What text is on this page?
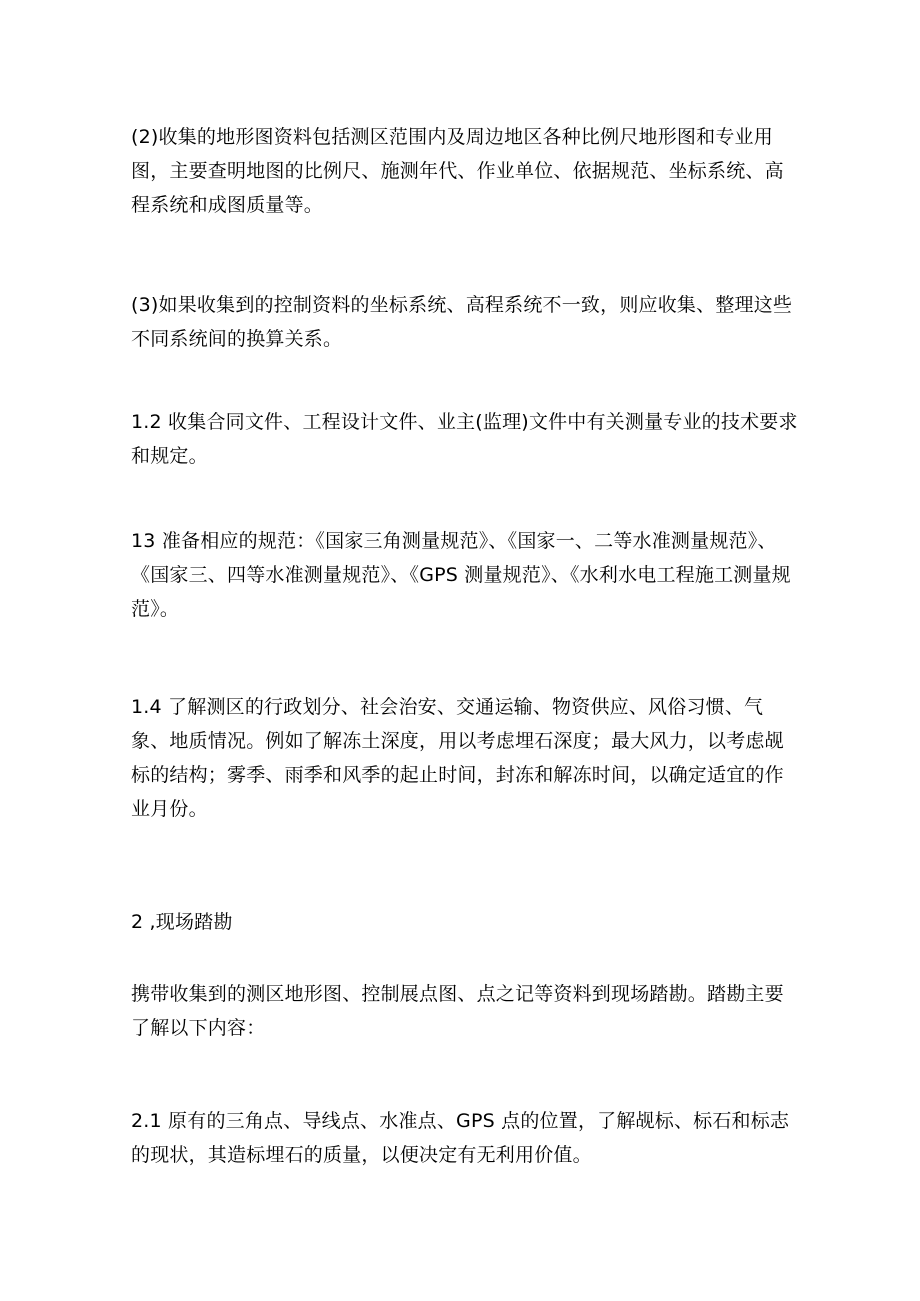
(2)收集的地形图资料包括测区范围内及周边地区各种比例尺地形图和专业用图，主要查明地图的比例尺、施测年代、作业单位、依据规范、坐标系统、高程系统和成图质量等。

(3)如果收集到的控制资料的坐标系统、高程系统不一致，则应收集、整理这些不同系统间的换算关系。

1.2 收集合同文件、工程设计文件、业主(监理)文件中有关测量专业的技术要求和规定。

13 准备相应的规范：《国家三角测量规范》、《国家一、二等水准测量规范》、《国家三、四等水准测量规范》、《GPS 测量规范》、《水利水电工程施工测量规范》。

1.4 了解测区的行政划分、社会治安、交通运输、物资供应、风俗习惯、气象、地质情况。例如了解冻土深度，用以考虑埋石深度；最大风力，以考虑觇标的结构；雾季、雨季和风季的起止时间，封冻和解冻时间，以确定适宜的作业月份。

2 ,现场踏勘

携带收集到的测区地形图、控制展点图、点之记等资料到现场踏勘。踏勘主要了解以下内容：

2.1 原有的三角点、导线点、水准点、GPS 点的位置，了解觇标、标石和标志的现状，其造标埋石的质量，以便决定有无利用价值。
